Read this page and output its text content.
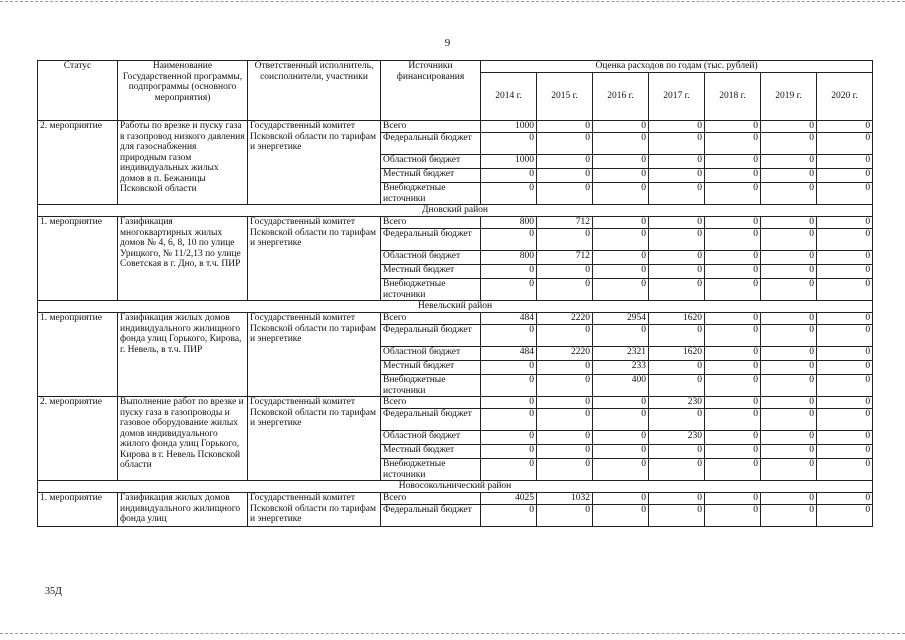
9
Статус	Наименование Государственной программы, подпрограммы (основного мероприятия)	Ответственный исполнитель, соисполнители, участники	Источники финансирования	Оценка расходов по годам (тыс. рублей)						
				2014 г.	2015 г.	2016 г.	2017 г.	2018 г.	2019 г.	2020 г.
2. мероприятие	Работы по врезке и пуску газа в газопровод низкого давления для газоснабжения природным газом индивидуальных жилых домов в п. Бежаницы Псковской области	Государственный комитет Псковской области по тарифам и энергетике	Всего	1000	0	0	0	0	0	0
			Федеральный бюджет	0	0	0	0	0	0	0
			Областной бюджет	1000	0	0	0	0	0	0
			Местный бюджет	0	0	0	0	0	0	0
			Внебюджетные источники	0	0	0	0	0	0	0
Дновский район										
1. мероприятие	Газификация многоквартирных жилых домов № 4, 6, 8, 10 по улице Урицкого, № 11/2,13 по улице Советская в г. Дно, в т.ч. ПИР	Государственный комитет Псковской области по тарифам и энергетике	Всего	800	712	0	0	0	0	0
			Федеральный бюджет	0	0	0	0	0	0	0
			Областной бюджет	800	712	0	0	0	0	0
			Местный бюджет	0	0	0	0	0	0	0
			Внебюджетные источники	0	0	0	0	0	0	0
Невельский район										
1. мероприятие	Газификация жилых домов индивидуального жилищного фонда улиц Горького, Кирова, г. Невель, в т.ч. ПИР	Государственный комитет Псковской области по тарифам и энергетике	Всего	484	2220	2954	1620	0	0	0
			Федеральный бюджет	0	0	0	0	0	0	0
			Областной бюджет	484	2220	2321	1620	0	0	0
			Местный бюджет	0	0	233	0	0	0	0
			Внебюджетные источники	0	0	400	0	0	0	0
2. мероприятие	Выполнение работ по врезке и пуску газа в газопроводы и газовое оборудование жилых домов индивидуального жилого фонда улиц Горького, Кирова в г. Невель Псковской области	Государственный комитет Псковской области по тарифам и энергетике	Всего	0	0	0	230	0	0	0
			Федеральный бюджет	0	0	0	0	0	0	0
			Областной бюджет	0	0	0	230	0	0	0
			Местный бюджет	0	0	0	0	0	0	0
			Внебюджетные источники	0	0	0	0	0	0	0
Новосокольнический район										
1. мероприятие	Газификация жилых домов индивидуального жилищного фонда улиц	Государственный комитет Псковской области по тарифам и энергетике	Всего	4025	1032	0	0	0	0	0
			Федеральный бюджет	0	0	0	0	0	0	0
35Д
